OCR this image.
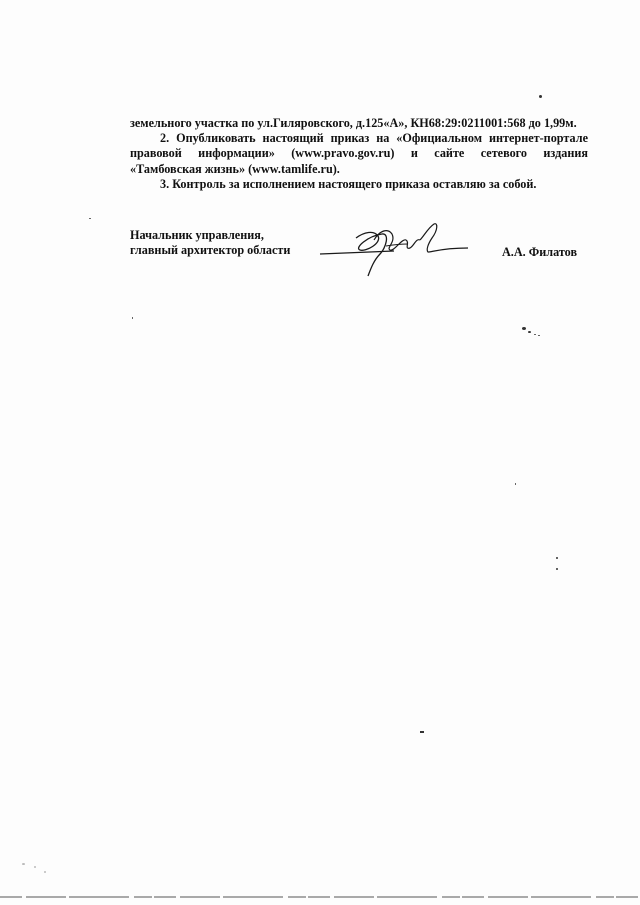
земельного участка по ул.Гиляровского, д.125«А», КН68:29:0211001:568 до 1,99м.

2. Опубликовать настоящий приказ на «Официальном интернет-портале

правовой информации» (www.pravo.gov.ru) и сайте сетевого издания

«Тамбовская жизнь» (www.tamlife.ru).

3. Контроль за исполнением настоящего приказа оставляю за собой.

Начальник управления,
главный архитектор области	А.А. Филатов
